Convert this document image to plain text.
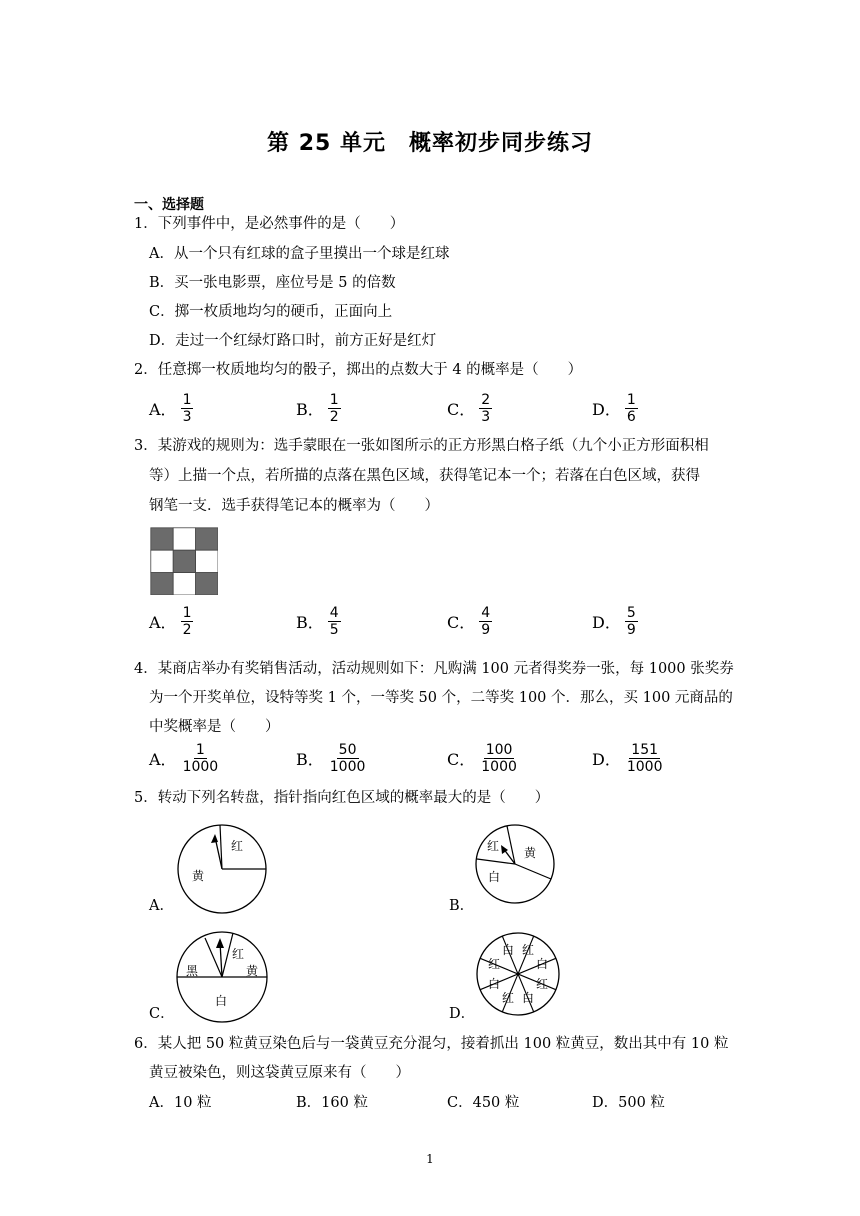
第 25 单元　概率初步同步练习
一、选择题
1．下列事件中，是必然事件的是（　　）
A．从一个只有红球的盒子里摸出一个球是红球
B．买一张电影票，座位号是 5 的倍数
C．掷一枚质地均匀的硬币，正面向上
D．走过一个红绿灯路口时，前方正好是红灯
2．任意掷一枚质地均匀的骰子，掷出的点数大于 4 的概率是（　　）
A． $\frac{1}{3}$	B． $\frac{1}{2}$	C． $\frac{2}{3}$	D． $\frac{1}{6}$
3．某游戏的规则为：选手蒙眼在一张如图所示的正方形黑白格子纸（九个小正方形面积相
等）上描一个点，若所描的点落在黑色区域，获得笔记本一个；若落在白色区域，获得
钢笔一支．选手获得笔记本的概率为（　　）
A． $\frac{1}{2}$	B． $\frac{4}{5}$	C． $\frac{4}{9}$	D． $\frac{5}{9}$
4．某商店举办有奖销售活动，活动规则如下：凡购满 100 元者得奖券一张，每 1000 张奖券
为一个开奖单位，设特等奖 1 个，一等奖 50 个，二等奖 100 个．那么，买 100 元商品的
中奖概率是（　　）
A． $\frac{1}{1000}$	B． $\frac{50}{1000}$	C． $\frac{100}{1000}$	D． $\frac{151}{1000}$
5．转动下列名转盘，指针指向红色区域的概率最大的是（　　）
A．
红
黄
B．
红 黄
白
C．
红
黄
黑
白
D．
白 红
白
红
白
红
白
红
6．某人把 50 粒黄豆染色后与一袋黄豆充分混匀，接着抓出 100 粒黄豆，数出其中有 10 粒
黄豆被染色，则这袋黄豆原来有（　　）
A．10 粒	B．160 粒	C．450 粒	D．500 粒
1
